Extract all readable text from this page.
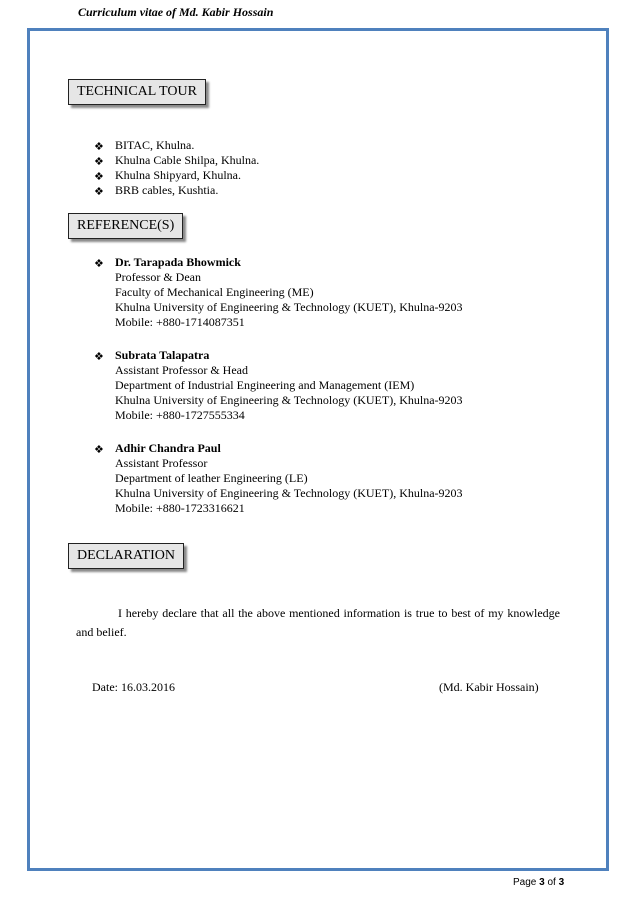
Curriculum vitae of Md. Kabir Hossain
TECHNICAL TOUR
❖ BITAC, Khulna.
❖ Khulna Cable Shilpa, Khulna.
❖ Khulna Shipyard, Khulna.
❖ BRB cables, Kushtia.
REFERENCE(S)
❖ Dr. Tarapada Bhowmick
Professor & Dean
Faculty of Mechanical Engineering (ME)
Khulna University of Engineering & Technology (KUET), Khulna-9203
Mobile: +880-1714087351
❖ Subrata Talapatra
Assistant Professor & Head
Department of Industrial Engineering and Management (IEM)
Khulna University of Engineering & Technology (KUET), Khulna-9203
Mobile: +880-1727555334
❖ Adhir Chandra Paul
Assistant Professor
Department of leather Engineering (LE)
Khulna University of Engineering & Technology (KUET), Khulna-9203
Mobile: +880-1723316621
DECLARATION
I hereby declare that all the above mentioned information is true to best of my knowledge and belief.
Date: 16.03.2016	(Md. Kabir Hossain)
Page 3 of 3
